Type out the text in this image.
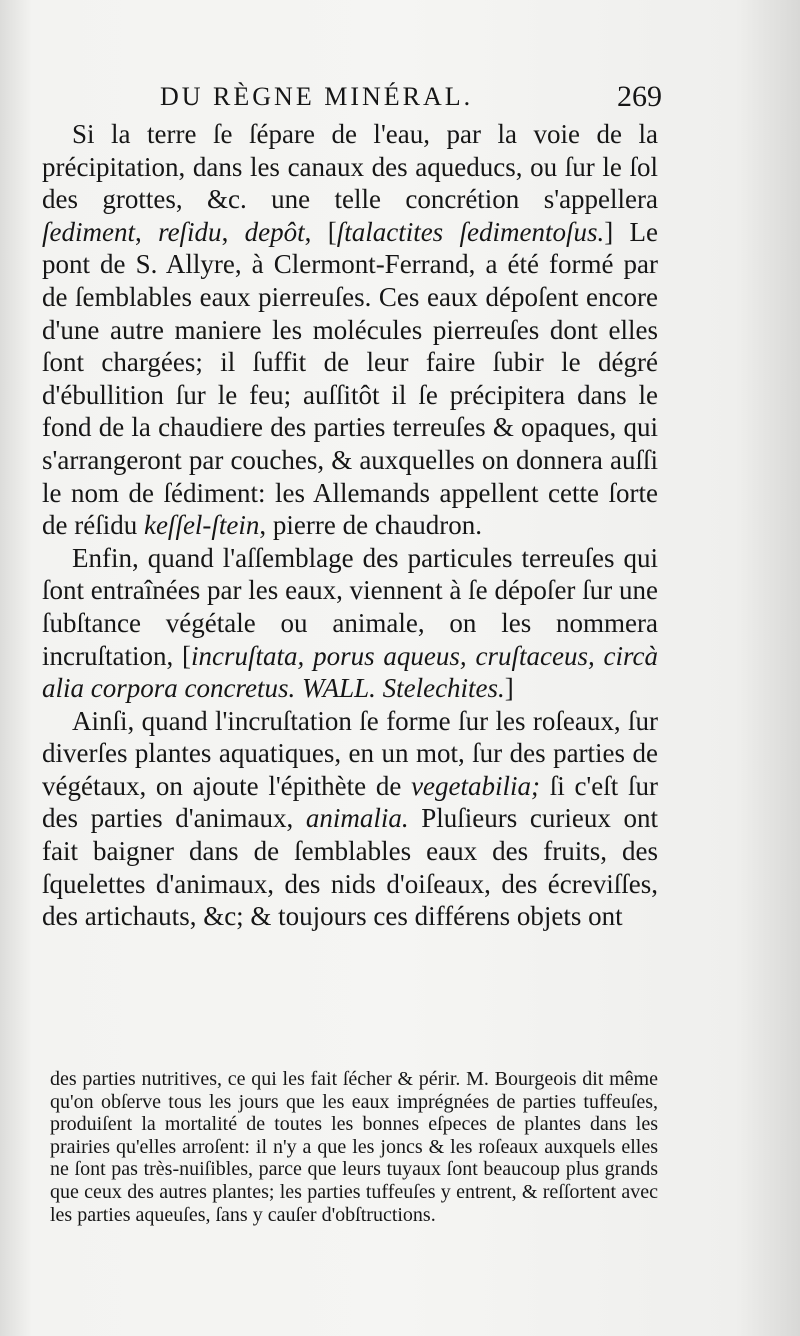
DU RÈGNE MINÉRAL.	269

Si la terre ſe ſépare de l'eau, par la voie de la précipitation, dans les canaux des aqueducs, ou ſur le ſol des grottes, &c. une telle concrétion s'appellera ſediment, reſidu, depôt, [ſtalactites ſedimentoſus.] Le pont de S. Allyre, à Clermont-Ferrand, a été formé par de ſemblables eaux pierreuſes. Ces eaux dépoſent encore d'une autre maniere les molécules pierreuſes dont elles ſont chargées; il ſuffit de leur faire ſubir le dégré d'ébullition ſur le feu; auſſitôt il ſe précipitera dans le fond de la chaudiere des parties terreuſes & opaques, qui s'arrangeront par couches, & auxquelles on donnera auſſi le nom de ſédiment: les Allemands appellent cette ſorte de réſidu keſſel-ſtein, pierre de chaudron.

Enfin, quand l'aſſemblage des particules terreuſes qui ſont entraînées par les eaux, viennent à ſe dépoſer ſur une ſubſtance végétale ou animale, on les nommera incruſtation, [incruſtata, porus aqueus, cruſtaceus, circà alia corpora concretus. WALL. Stelechites.]

Ainſi, quand l'incruſtation ſe forme ſur les roſeaux, ſur diverſes plantes aquatiques, en un mot, ſur des parties de végétaux, on ajoute l'épithète de vegetabilia; ſi c'eſt ſur des parties d'animaux, animalia. Pluſieurs curieux ont fait baigner dans de ſemblables eaux des fruits, des ſquelettes d'animaux, des nids d'oiſeaux, des écreviſſes, des artichauts, &c; & toujours ces différens objets ont

des parties nutritives, ce qui les fait ſécher & périr. M. Bourgeois dit même qu'on obſerve tous les jours que les eaux imprégnées de parties tuffeuſes, produiſent la mortalité de toutes les bonnes eſpeces de plantes dans les prairies qu'elles arroſent: il n'y a que les joncs & les roſeaux auxquels elles ne ſont pas très-nuiſibles, parce que leurs tuyaux ſont beaucoup plus grands que ceux des autres plantes; les parties tuffeuſes y entrent, & reſſortent avec les parties aqueuſes, ſans y cauſer d'obſtructions.
